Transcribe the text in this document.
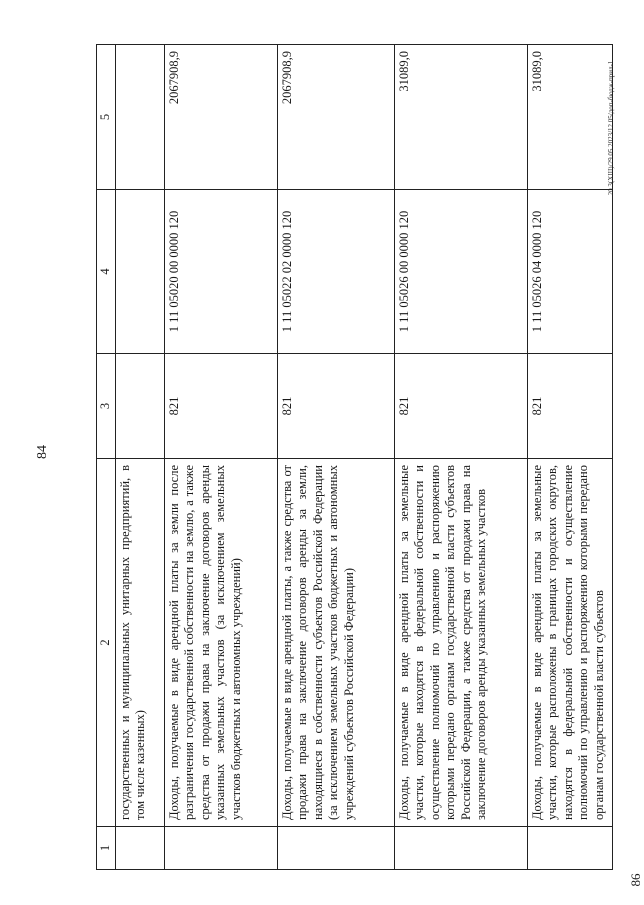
84
86
20.3(XIII)/29.05.2023/12.05/доп-бюдж-прил-1
1	2	3	4	5
	государственных и муниципальных унитарных предприятий, в том числе казенных)			
	Доходы, получаемые в виде арендной платы за земли после разграничения государственной собственности на землю, а также средства от продажи права на заключение договоров аренды указанных земельных участков (за исключением земельных участков бюджетных и автономных учреждений)	821	1 11 05020 00 0000 120	2067908,9
	Доходы, получаемые в виде арендной платы, а также средства от продажи права на заключение договоров аренды за земли, находящиеся в собственности субъектов Российской Федерации (за исключением земельных участков бюджетных и автономных учреждений субъектов Российской Федерации)	821	1 11 05022 02 0000 120	2067908,9
	Доходы, получаемые в виде арендной платы за земельные участки, которые находятся в федеральной собственности и осуществление полномочий по управлению и распоряжению которыми передано органам государственной власти субъектов Российской Федерации, а также средства от продажи права на заключение договоров аренды указанных земельных участков	821	1 11 05026 00 0000 120	31089,0
	Доходы, получаемые в виде арендной платы за земельные участки, которые расположены в границах городских округов, находятся в федеральной собственности и осуществление полномочий по управлению и распоряжению которыми передано органам государственной власти субъектов	821	1 11 05026 04 0000 120	31089,0
